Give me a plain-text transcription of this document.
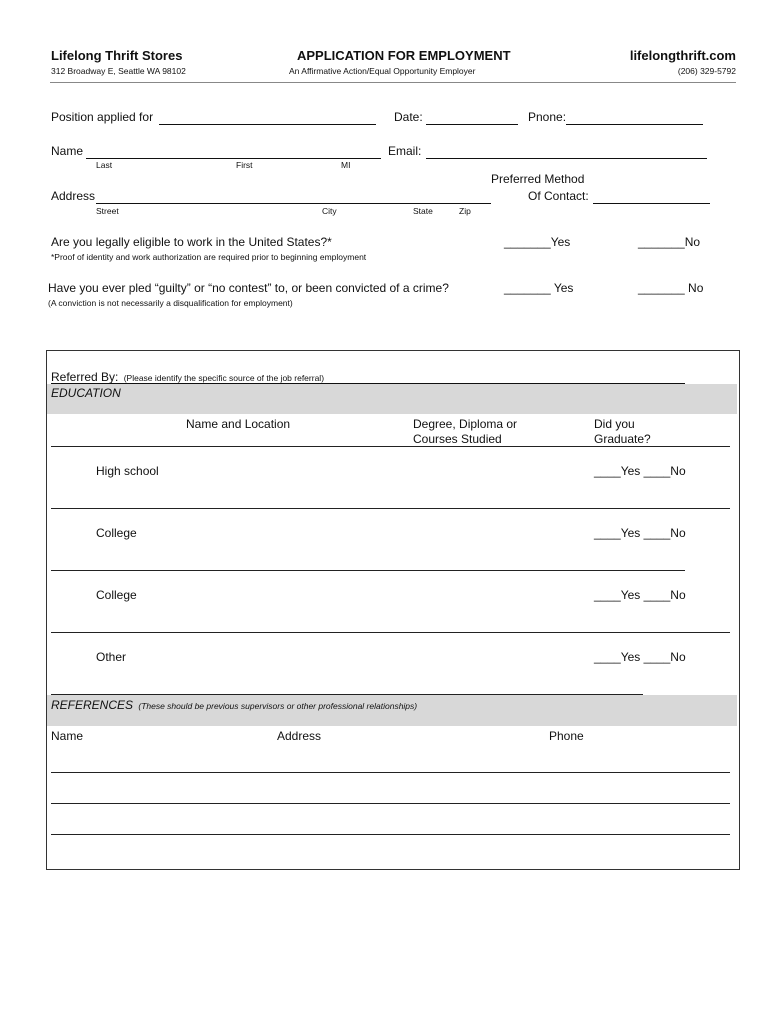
Lifelong Thrift Stores
312 Broadway E, Seattle WA 98102
APPLICATION FOR EMPLOYMENT
An Affirmative Action/Equal Opportunity Employer
lifelongthrift.com
(206) 329-5792
Position applied for	Date:	Pnone:
Name	Email:
Last	First	MI
Preferred Method
Of Contact:
Address
Street	City	State	Zip
Are you legally eligible to work in the United States?*
*Proof of identity and work authorization are required prior to beginning employment
_______Yes	_______No
Have you ever pled “guilty” or “no contest” to, or been convicted of a crime?
(A conviction is not necessarily a disqualification for employment)
_______ Yes	_______ No
Referred By: (Please identify the specific source of the job referral)
EDUCATION
Name and Location	Degree, Diploma or
Courses Studied
Did you
Graduate?
High school	____Yes ____No
College	____Yes ____No
College	____Yes ____No
Other	____Yes ____No
REFERENCES (These should be previous supervisors or other professional relationships)
Name	Address	Phone
